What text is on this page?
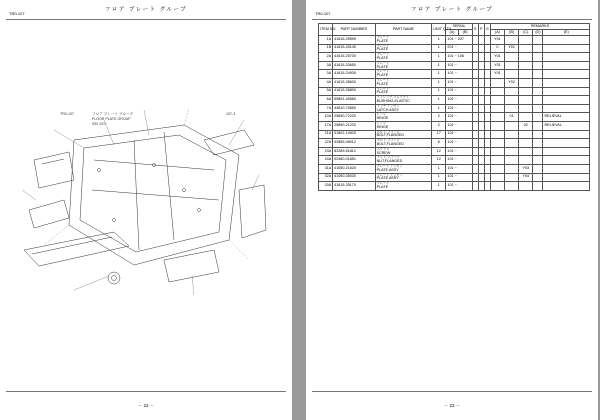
TR0-107
フロア プレート グループ
フロア プレート グループ
FLOOR PLATE GROUP
S/N 101~
TR0-107	107-3
－ 22 －
TR0-107
フロア プレート グループ
ITEM NO.	PART NUMBER	PART NAME	UNIT Q.TY	SERIAL		S	P	G	REMARKS				
				(A)	(B)				(A)	(B)	(C)	(D)	(E)
1A	41616-39590	プレート
PLATE	1	101 ~ 207					Y01				
1B	41615-40140	プレート
PLATE	1	201 ~					C	Y01			
2A	41615-25730	プレート
PLATE	1	101 ~ 106					Y01				
3A	41615-33650	プレート
PLATE	1	101 ~					Y01				
3A	41615-24930	プレート
PLATE	1	101 ~					Y01				
4A	41615-38630	プレート
PLATE	1	101 ~						Y02			
5A	41615-36800	プレート
PLATE	1	101 ~									
6A	65851-40660	ブッシング,ゴムイクイ
BUSHING,ELASTIC	1	101 ~									
7A	44810-70650	ラッチ アッセン
LATCH ASSY	1	101 ~									
10A	25890-72220	ヒンジ
HINGE	2	101 ~						01			RELIEVAL
17A	25890-21220	ヒンジ
HINGE	2	101 ~							02		RELIEVAL
21A	01802-10825	ボルト,フランジ
BOLT,FLANGED	17	101 ~									
22A	02855-08012	ボルト,フランジ
BOLT,FLANGED	6	101 ~									
23A	82289-51812	スクリュ
SCREW	12	101 ~									
24A	02460-01851	ナット,フランジ
NUT,FLANGED	12	101 ~									
31A	41050-21620	プレート アッセン
PLATE ASSY	1	101 ~							Y03		
32A	41050-35030	プレート アッセン
PLATE ASSY	1	101 ~							Y04		
33A	41615-35170	プレート
PLATE	1	101 ~									
－ 23 －
